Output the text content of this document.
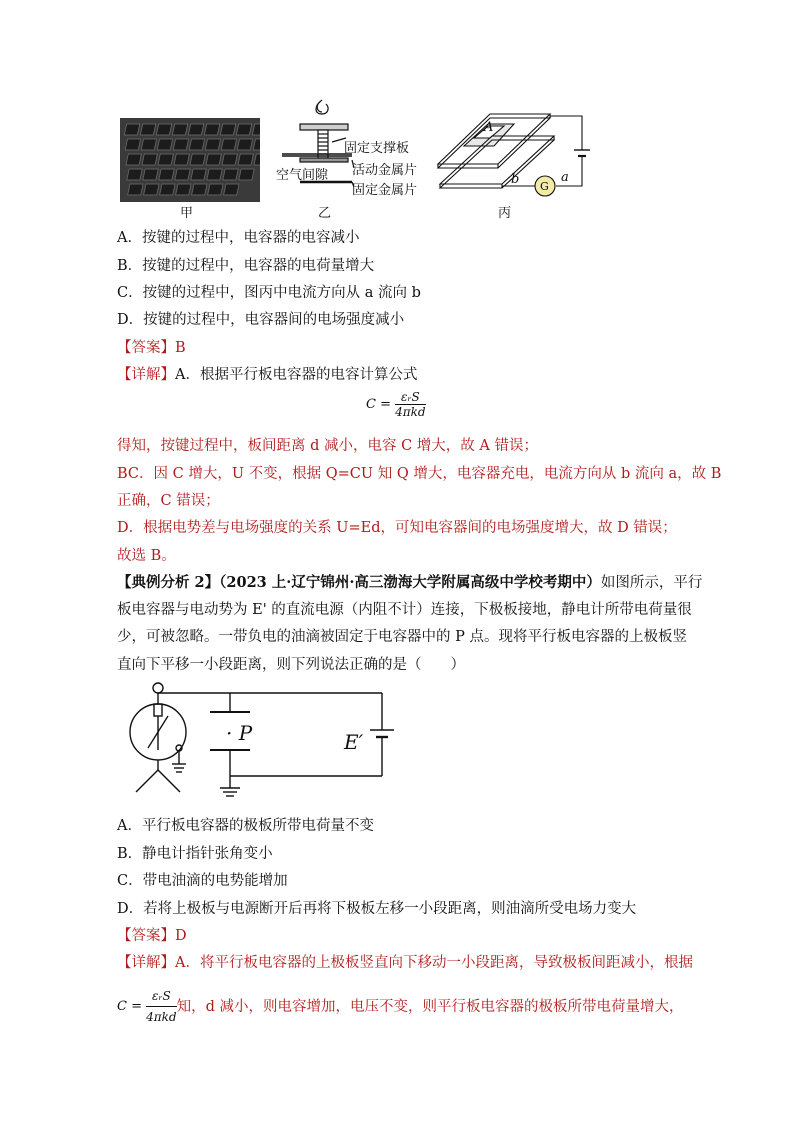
固定支撑板
空气间隙 活动金属片
固定金属片
A
b G
a
甲	乙	丙
A．按键的过程中，电容器的电容减小
B．按键的过程中，电容器的电荷量增大
C．按键的过程中，图丙中电流方向从 a 流向 b
D．按键的过程中，电容器间的电场强度减小
【答案】B
【详解】A．根据平行板电容器的电容计算公式
$C = \frac{\text{εᵣS}}{\text{4πkd}}$
得知，按键过程中，板间距离 d 减小，电容 C 增大，故 A 错误；
BC．因 C 增大，U 不变，根据 Q=CU 知 Q 增大，电容器充电，电流方向从 b 流向 a，故 B
正确，C 错误；
D．根据电势差与电场强度的关系 U=Ed，可知电容器间的电场强度增大，故 D 错误；
故选 B。
【典例分析 2】（2023 上·辽宁锦州·高三渤海大学附属高级中学校考期中）如图所示，平行
板电容器与电动势为 E' 的直流电源（内阻不计）连接，下极板接地，静电计所带电荷量很
少，可被忽略。一带负电的油滴被固定于电容器中的 P 点。现将平行板电容器的上极板竖
直向下平移一小段距离，则下列说法正确的是（　　）
· P	E′
A．平行板电容器的极板所带电荷量不变
B．静电计指针张角变小
C．带电油滴的电势能增加
D．若将上极板与电源断开后再将下极板左移一小段距离，则油滴所受电场力变大
【答案】D
【详解】A．将平行板电容器的上极板竖直向下移动一小段距离，导致极板间距减小，根据
$C = \frac{\text{εᵣS}}{\text{4πkd}}$ 知，d 减小，则电容增加，电压不变，则平行板电容器的极板所带电荷量增大，
